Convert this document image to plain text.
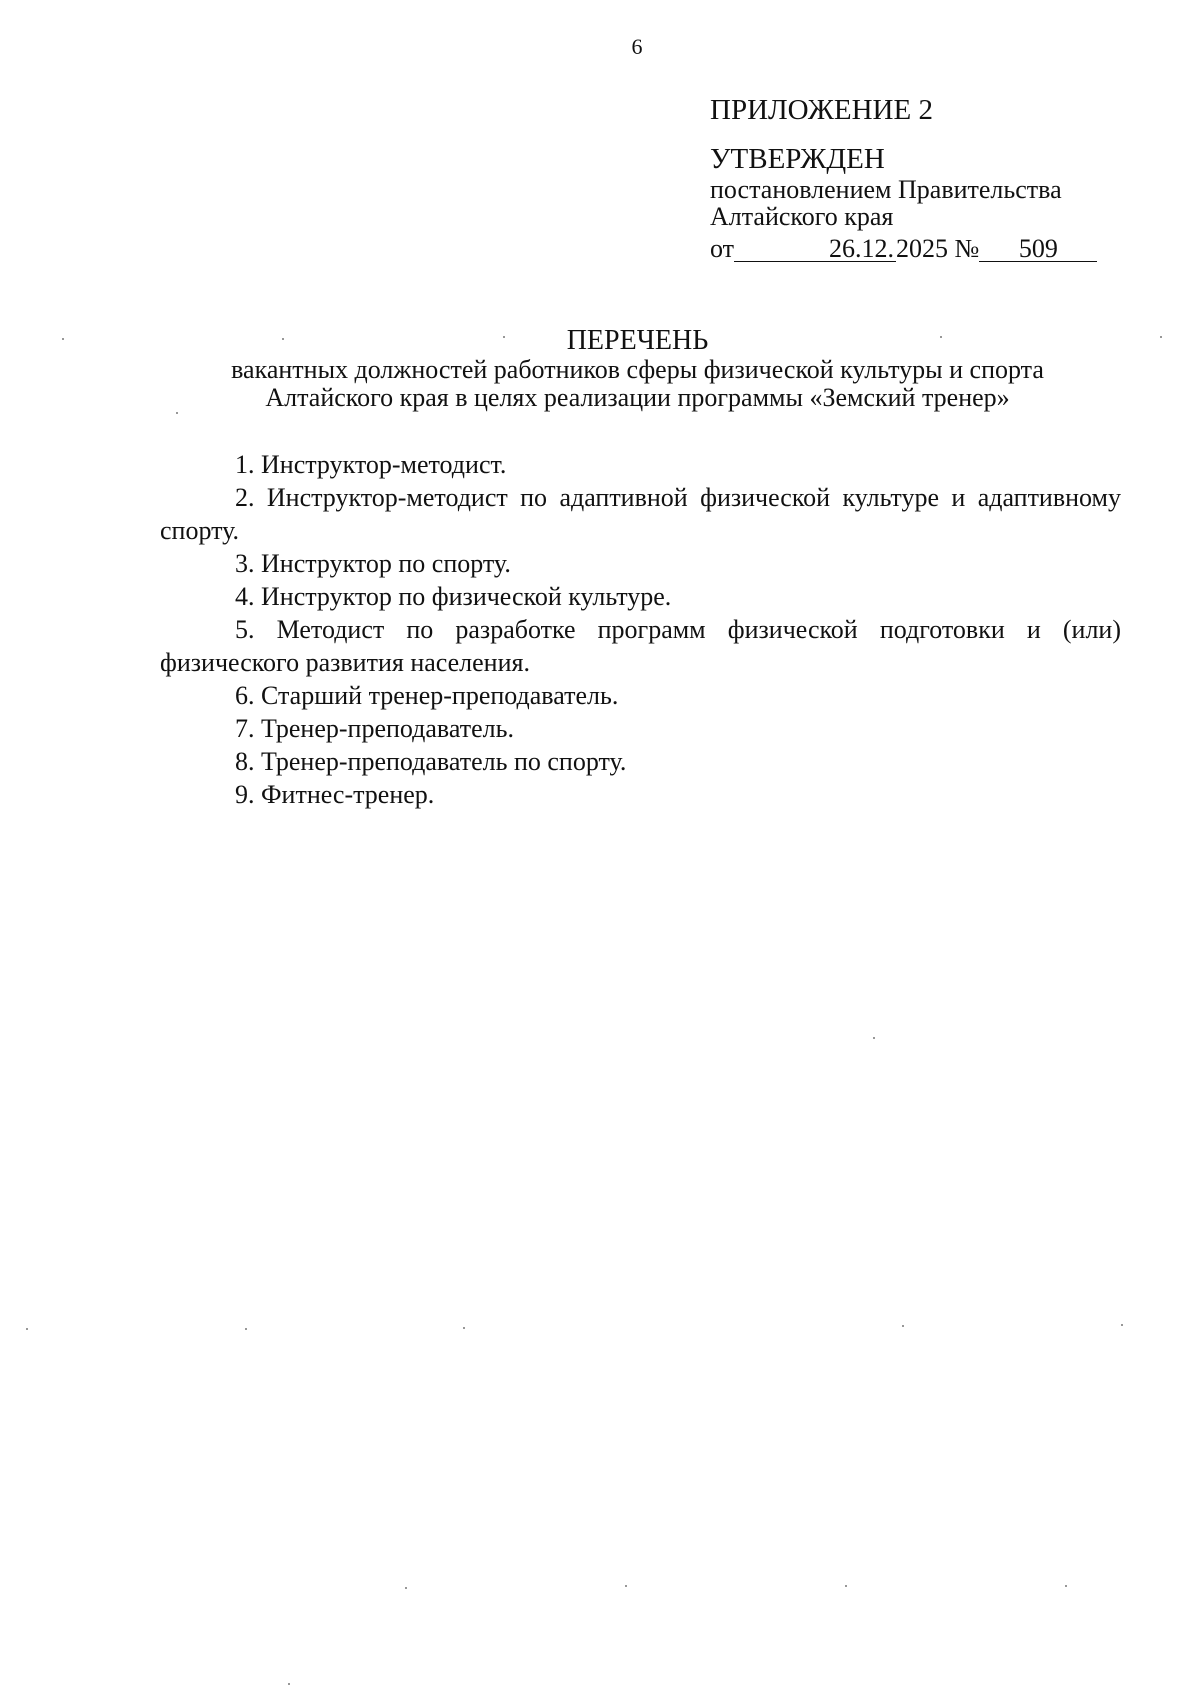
6

ПРИЛОЖЕНИЕ 2

УТВЕРЖДЕН

постановлением Правительства

Алтайского края

от	26.12.2025 № 509

ПЕРЕЧЕНЬ

вакантных должностей работников сферы физической культуры и спорта

Алтайского края в целях реализации программы «Земский тренер»

1. Инструктор-методист.

2. Инструктор-методист по адаптивной физической культуре и адаптивному спорту.

3. Инструктор по спорту.

4. Инструктор по физической культуре.

5. Методист по разработке программ физической подготовки и (или) физического развития населения.

6. Старший тренер-преподаватель.

7. Тренер-преподаватель.

8. Тренер-преподаватель по спорту.

9. Фитнес-тренер.
